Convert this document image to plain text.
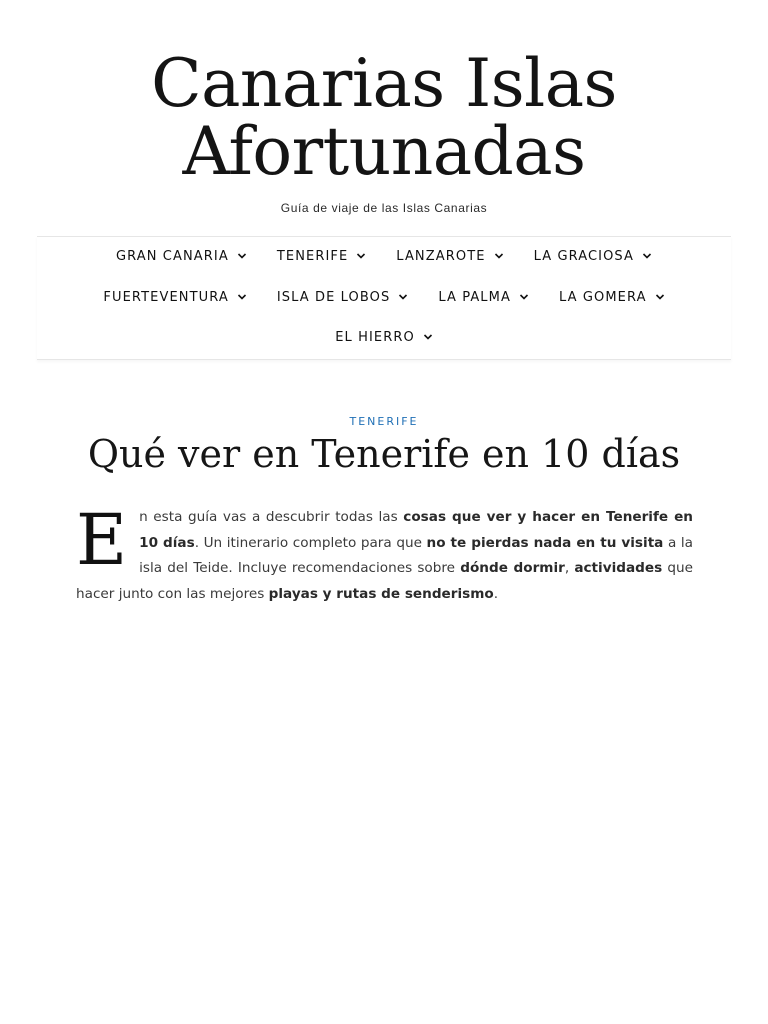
Canarias Islas
Afortunadas
Guía de viaje de las Islas Canarias
GRAN CANARIA	TENERIFE	LANZAROTE	LA GRACIOSA
FUERTEVENTURA	ISLA DE LOBOS	LA PALMA	LA GOMERA
EL HIERRO
TENERIFE
Qué ver en Tenerife en 10 días
En esta guía vas a descubrir todas las cosas que ver y hacer en Tenerife en 10 días. Un itinerario completo para que no te pierdas nada en tu visita a la isla del Teide. Incluye recomendaciones sobre dónde dormir, actividades que hacer junto con las mejores playas y rutas de senderismo.
